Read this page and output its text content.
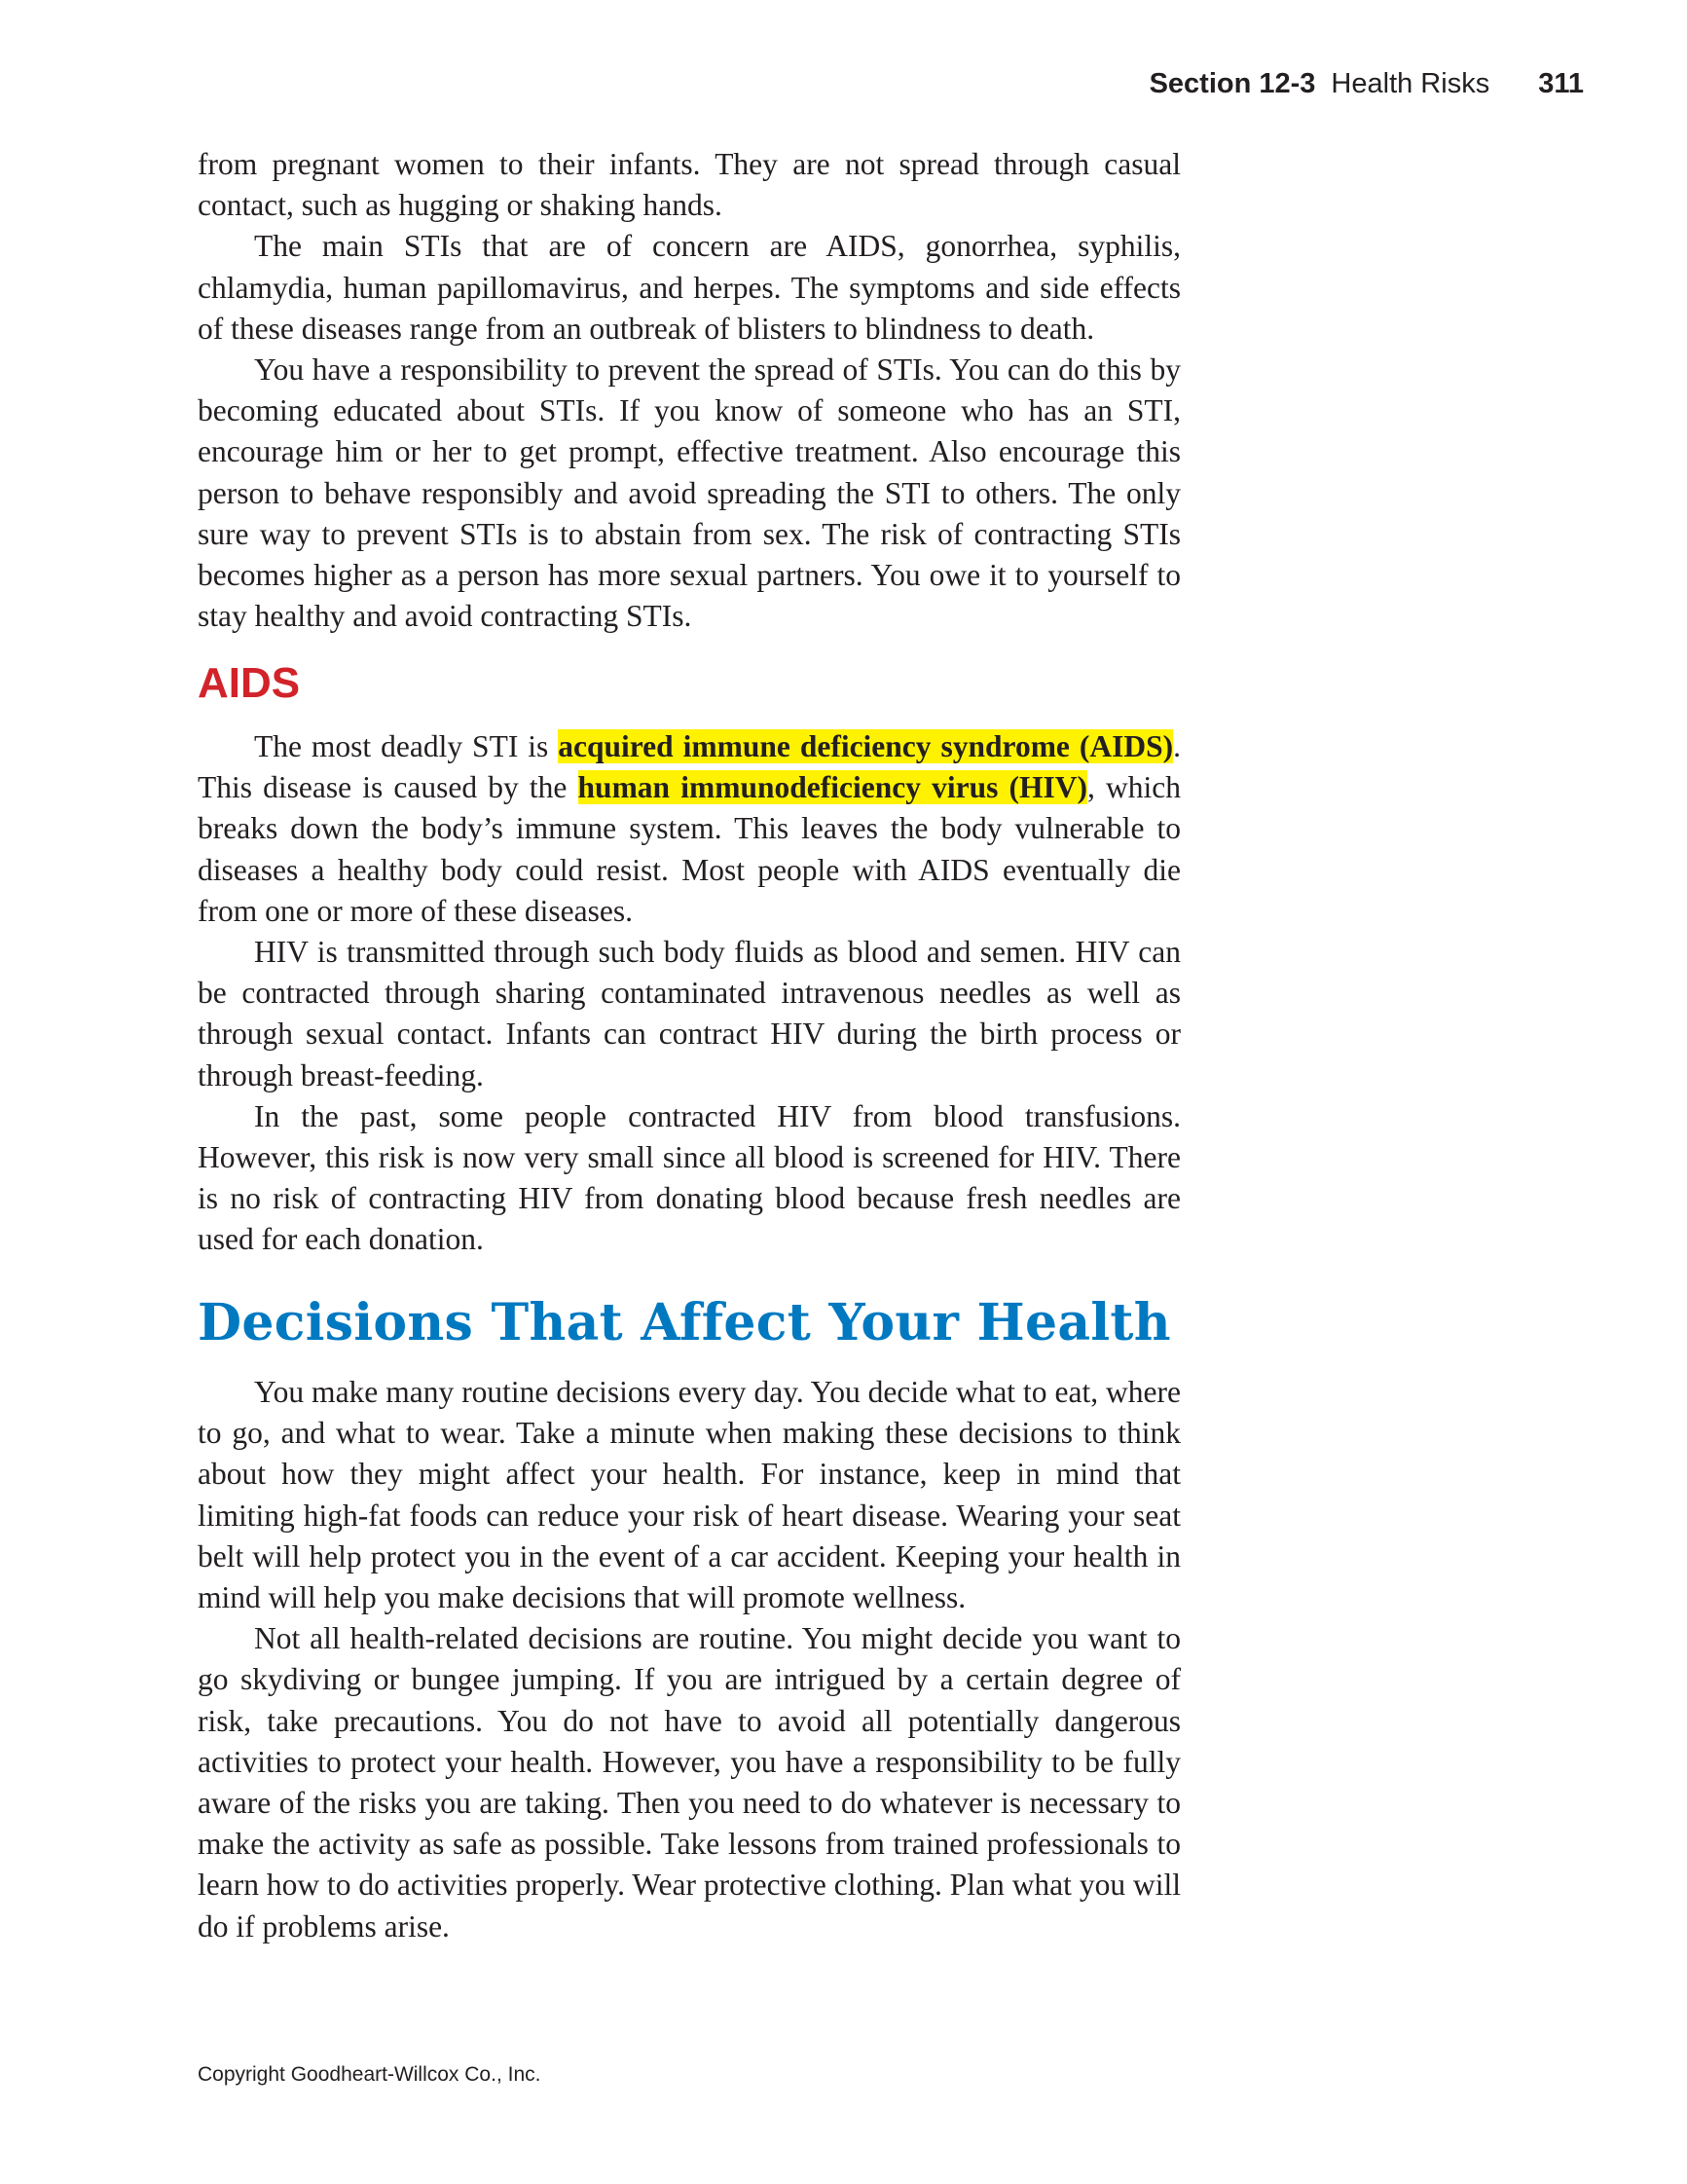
Section 12-3 Health Risks 311

from pregnant women to their infants. They are not spread through casual contact, such as hugging or shaking hands.

The main STIs that are of concern are AIDS, gonorrhea, syphilis, chlamydia, human papillomavirus, and herpes. The symptoms and side effects of these diseases range from an outbreak of blisters to blindness to death.

You have a responsibility to prevent the spread of STIs. You can do this by becoming educated about STIs. If you know of someone who has an STI, encourage him or her to get prompt, effective treatment. Also encourage this person to behave responsibly and avoid spreading the STI to others. The only sure way to prevent STIs is to abstain from sex. The risk of contracting STIs becomes higher as a person has more sexual partners. You owe it to yourself to stay healthy and avoid contracting STIs.

AIDS

The most deadly STI is acquired immune deficiency syndrome (AIDS). This disease is caused by the human immunodeficiency virus (HIV), which breaks down the body’s immune system. This leaves the body vulnerable to diseases a healthy body could resist. Most people with AIDS eventually die from one or more of these diseases.

HIV is transmitted through such body fluids as blood and semen. HIV can be contracted through sharing contaminated intravenous needles as well as through sexual contact. Infants can contract HIV during the birth process or through breast-feeding.

In the past, some people contracted HIV from blood transfusions. However, this risk is now very small since all blood is screened for HIV. There is no risk of contracting HIV from donating blood because fresh needles are used for each donation.

Decisions That Affect Your Health

You make many routine decisions every day. You decide what to eat, where to go, and what to wear. Take a minute when making these decisions to think about how they might affect your health. For instance, keep in mind that limiting high-fat foods can reduce your risk of heart disease. Wearing your seat belt will help protect you in the event of a car accident. Keeping your health in mind will help you make decisions that will promote wellness.

Not all health-related decisions are routine. You might decide you want to go skydiving or bungee jumping. If you are intrigued by a certain degree of risk, take precautions. You do not have to avoid all potentially dangerous activities to protect your health. However, you have a responsibility to be fully aware of the risks you are taking. Then you need to do whatever is necessary to make the activity as safe as possible. Take lessons from trained professionals to learn how to do activities properly. Wear protective clothing. Plan what you will do if problems arise.

Copyright Goodheart-Willcox Co., Inc.
